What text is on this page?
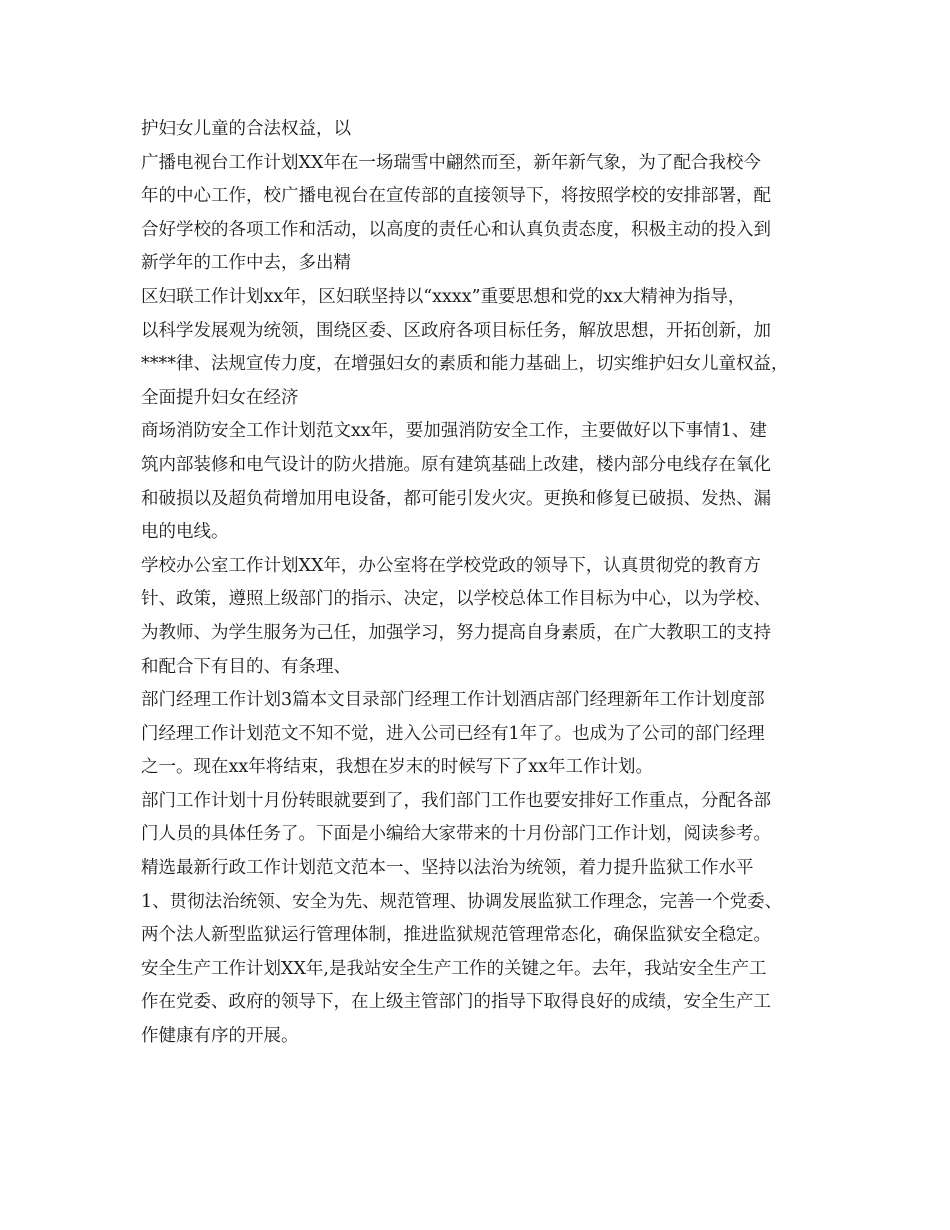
护妇女儿童的合法权益，以
广播电视台工作计划XX年在一场瑞雪中翩然而至，新年新气象，为了配合我校今
年的中心工作，校广播电视台在宣传部的直接领导下，将按照学校的安排部署，配
合好学校的各项工作和活动，以高度的责任心和认真负责态度，积极主动的投入到
新学年的工作中去，多出精
区妇联工作计划xx年，区妇联坚持以“xxxx”重要思想和党的xx大精神为指导，
以科学发展观为统领，围绕区委、区政府各项目标任务，解放思想，开拓创新，加
****律、法规宣传力度，在增强妇女的素质和能力基础上，切实维护妇女儿童权益，
全面提升妇女在经济
商场消防安全工作计划范文xx年，要加强消防安全工作，主要做好以下事情1、建
筑内部装修和电气设计的防火措施。原有建筑基础上改建，楼内部分电线存在氧化
和破损以及超负荷增加用电设备，都可能引发火灾。更换和修复已破损、发热、漏
电的电线。
学校办公室工作计划XX年，办公室将在学校党政的领导下，认真贯彻党的教育方
针、政策，遵照上级部门的指示、决定，以学校总体工作目标为中心，以为学校、
为教师、为学生服务为己任，加强学习，努力提高自身素质，在广大教职工的支持
和配合下有目的、有条理、
部门经理工作计划3篇本文目录部门经理工作计划酒店部门经理新年工作计划度部
门经理工作计划范文不知不觉，进入公司已经有1年了。也成为了公司的部门经理
之一。现在xx年将结束，我想在岁末的时候写下了xx年工作计划。
部门工作计划十月份转眼就要到了，我们部门工作也要安排好工作重点，分配各部
门人员的具体任务了。下面是小编给大家带来的十月份部门工作计划，阅读参考。
精选最新行政工作计划范文范本一、坚持以法治为统领，着力提升监狱工作水平
1、贯彻法治统领、安全为先、规范管理、协调发展监狱工作理念，完善一个党委、
两个法人新型监狱运行管理体制，推进监狱规范管理常态化，确保监狱安全稳定。
安全生产工作计划XX年,是我站安全生产工作的关键之年。去年，我站安全生产工
作在党委、政府的领导下，在上级主管部门的指导下取得良好的成绩，安全生产工
作健康有序的开展。
